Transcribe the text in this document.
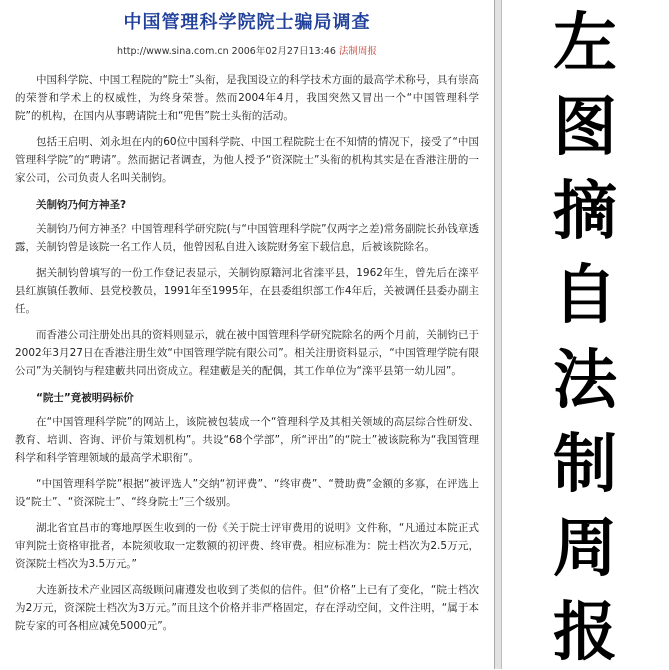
中国管理科学院院士骗局调查
http://www.sina.com.cn 2006年02月27日13:46 法制周报

中国科学院、中国工程院的“院士”头衔，是我国设立的科学技术方面的最高学术称号，具有崇高的荣誉和学术上的权威性，为终身荣誉。然而2004年4月，我国突然又冒出一个“中国管理科学院”的机构，在国内从事聘请院士和“兜售”院士头衔的活动。

包括王启明、刘永坦在内的60位中国科学院、中国工程院院士在不知情的情况下，接受了“中国管理科学院”的“聘请”。然而据记者调查，为他人授予“资深院士”头衔的机构其实是在香港注册的一家公司，公司负责人名叫关制钧。

关制钧乃何方神圣?

关制钧乃何方神圣？中国管理科学研究院(与“中国管理科学院”仅两字之差)常务副院长孙钱章透露，关制钧曾是该院一名工作人员，他曾因私自进入该院财务室下载信息，后被该院除名。

据关制钧曾填写的一份工作登记表显示，关制钧原籍河北省滦平县，1962年生，曾先后在滦平县红旗镇任教师、县党校教员，1991年至1995年，在县委组织部工作4年后，关被调任县委办副主任。

而香港公司注册处出具的资料则显示，就在被中国管理科学研究院除名的两个月前，关制钧已于2002年3月27日在香港注册生效“中国管理学院有限公司”。相关注册资料显示，“中国管理学院有限公司”为关制钧与程建藪共同出资成立。程建藪是关的配偶，其工作单位为“滦平县第一幼儿园”。

“院士”竟被明码标价

在“中国管理科学院”的网站上，该院被包装成一个“管理科学及其相关领域的高层综合性研发、教育、培训、咨询、评价与策划机构”。共设“68个学部”，所“评出”的“院士”被该院称为“我国管理科学和科学管理领域的最高学术职衔”。

“中国管理科学院”根据“被评选人”交纳“初评费”、“终审费”、“赞助费”金额的多寡，在评选上设“院士”、“资深院士”、“终身院士”三个级别。

湖北省宜昌市的骞地厚医生收到的一份《关于院士评审费用的说明》文件称，“凡通过本院正式审判院士资格审批者，本院须收取一定数额的初评费、终审费。相应标准为：院士档次为2.5万元，资深院士档次为3.5万元。”

大连新技术产业园区高级顾问庸遵发也收到了类似的信件。但“价格”上已有了变化，“院士档次为2万元，资深院士档次为3万元。”而且这个价格并非严格固定，存在浮动空间，文件注明，“属于本院专家的可各相应减免5000元”。

左
图
摘
自
法
制
周
报
